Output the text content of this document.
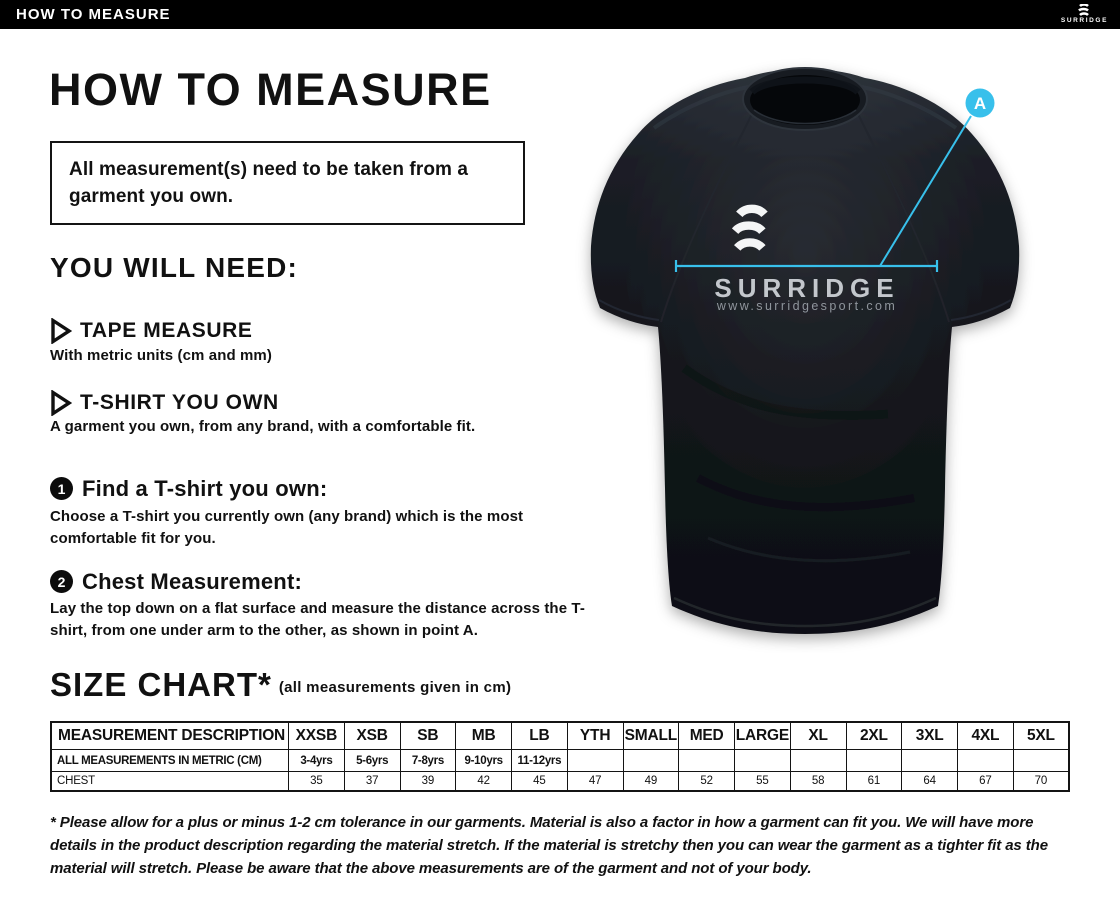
HOW TO MEASURE	SURRIDGE
HOW TO MEASURE
All measurement(s) need to be taken from a garment you own.
YOU WILL NEED:
TAPE MEASURE
With metric units (cm and mm)
T-SHIRT YOU OWN
A garment you own, from any brand, with a comfortable fit.
1 Find a T-shirt you own:
Choose a T-shirt you currently own (any brand) which is the most comfortable fit for you.
2 Chest Measurement:
Lay the top down on a flat surface and measure the distance across the T-shirt, from one under arm to the other, as shown in point A.
SIZE CHART* (all measurements given in cm)
MEASUREMENT DESCRIPTION	XXSB	XSB	SB	MB	LB	YTH	SMALL	MED	LARGE	XL	2XL	3XL	4XL	5XL
ALL MEASUREMENTS IN METRIC (CM)	3-4yrs	5-6yrs	7-8yrs	9-10yrs	11-12yrs									
CHEST	35	37	39	42	45	47	49	52	55	58	61	64	67	70
* Please allow for a plus or minus 1-2 cm tolerance in our garments. Material is also a factor in how a garment can fit you. We will have more details in the product description regarding the material stretch. If the material is stretchy then you can wear the garment as a tighter fit as the material will stretch. Please be aware that the above measurements are of the garment and not of your body.
SURRIDGE
www.surridgesport.com
A
